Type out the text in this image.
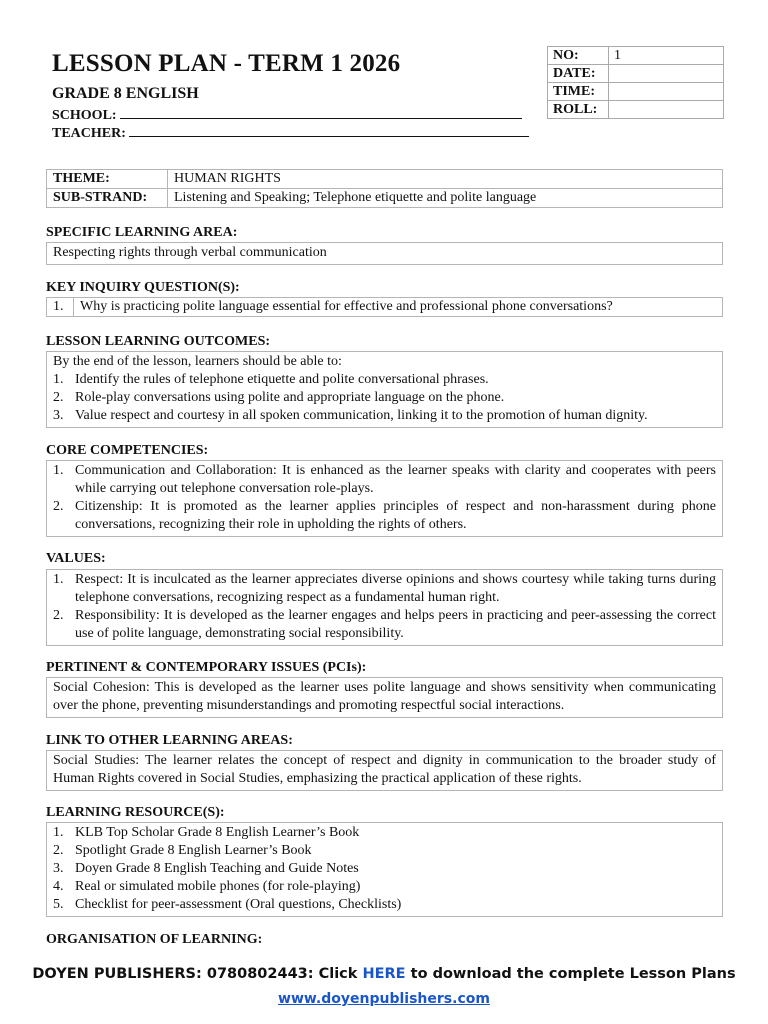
LESSON PLAN - TERM 1 2026
GRADE 8 ENGLISH
SCHOOL:
TEACHER:
NO:	1
DATE:	
TIME:	
ROLL:	
THEME:	HUMAN RIGHTS
SUB-STRAND:	Listening and Speaking; Telephone etiquette and polite language
SPECIFIC LEARNING AREA:
Respecting rights through verbal communication
KEY INQUIRY QUESTION(S):
1.	Why is practicing polite language essential for effective and professional phone conversations?
LESSON LEARNING OUTCOMES:
By the end of the lesson, learners should be able to:
1. Identify the rules of telephone etiquette and polite conversational phrases.
2. Role-play conversations using polite and appropriate language on the phone.
3. Value respect and courtesy in all spoken communication, linking it to the promotion of human dignity.
CORE COMPETENCIES:
1. Communication and Collaboration: It is enhanced as the learner speaks with clarity and cooperates with peers while carrying out telephone conversation role-plays.
2. Citizenship: It is promoted as the learner applies principles of respect and non-harassment during phone conversations, recognizing their role in upholding the rights of others.
VALUES:
1. Respect: It is inculcated as the learner appreciates diverse opinions and shows courtesy while taking turns during telephone conversations, recognizing respect as a fundamental human right.
2. Responsibility: It is developed as the learner engages and helps peers in practicing and peer-assessing the correct use of polite language, demonstrating social responsibility.
PERTINENT & CONTEMPORARY ISSUES (PCIs):
Social Cohesion: This is developed as the learner uses polite language and shows sensitivity when communicating over the phone, preventing misunderstandings and promoting respectful social interactions.
LINK TO OTHER LEARNING AREAS:
Social Studies: The learner relates the concept of respect and dignity in communication to the broader study of Human Rights covered in Social Studies, emphasizing the practical application of these rights.
LEARNING RESOURCE(S):
1. KLB Top Scholar Grade 8 English Learner’s Book
2. Spotlight Grade 8 English Learner’s Book
3. Doyen Grade 8 English Teaching and Guide Notes
4. Real or simulated mobile phones (for role-playing)
5. Checklist for peer-assessment (Oral questions, Checklists)
ORGANISATION OF LEARNING:
DOYEN PUBLISHERS: 0780802443: Click HERE to download the complete Lesson Plans
www.doyenpublishers.com
